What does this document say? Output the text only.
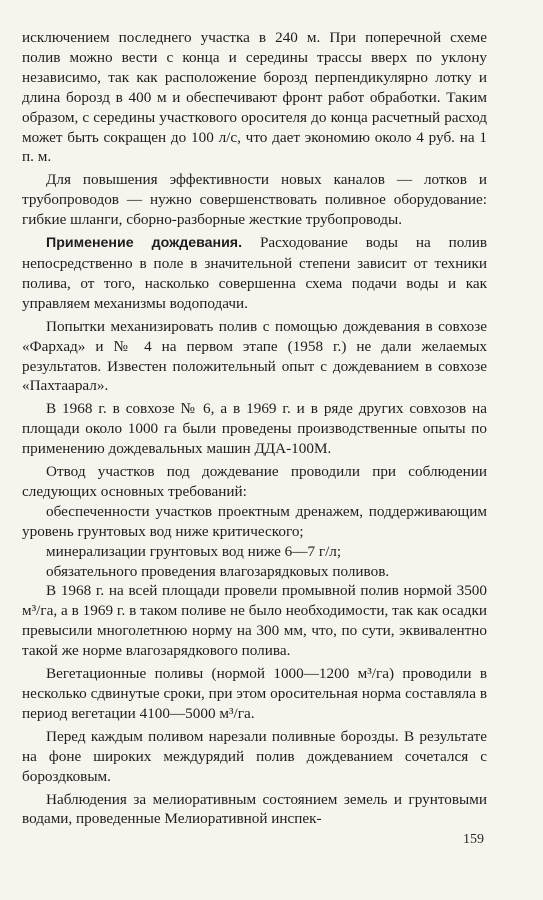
исключением последнего участка в 240 м. При поперечной схеме полив можно вести с конца и середины трассы вверх по уклону независимо, так как расположение борозд перпендикулярно лотку и длина борозд в 400 м и обеспечивают фронт работ обработки. Таким образом, с середины участкового оросителя до конца расчетный расход может быть сокращен до 100 л/с, что дает экономию около 4 руб. на 1 п. м.

Для повышения эффективности новых каналов — лотков и трубопроводов — нужно совершенствовать поливное оборудование: гибкие шланги, сборно-разборные жесткие трубопроводы.

Применение дождевания. Расходование воды на полив непосредственно в поле в значительной степени зависит от техники полива, от того, насколько совершенна схема подачи воды и как управляем механизмы водоподачи.

Попытки механизировать полив с помощью дождевания в совхозе «Фархад» и № 4 на первом этапе (1958 г.) не дали желаемых результатов. Известен положительный опыт с дождеванием в совхозе «Пахтаарал».

В 1968 г. в совхозе № 6, а в 1969 г. и в ряде других совхозов на площади около 1000 га были проведены производственные опыты по применению дождевальных машин ДДА-100М.

Отвод участков под дождевание проводили при соблюдении следующих основных требований:

обеспеченности участков проектным дренажем, поддерживающим уровень грунтовых вод ниже критического;

минерализации грунтовых вод ниже 6—7 г/л;

обязательного проведения влагозарядковых поливов.

В 1968 г. на всей площади провели промывной полив нормой 3500 м³/га, а в 1969 г. в таком поливе не было необходимости, так как осадки превысили многолетнюю норму на 300 мм, что, по сути, эквивалентно такой же норме влагозарядкового полива.

Вегетационные поливы (нормой 1000—1200 м³/га) проводили в несколько сдвинутые сроки, при этом оросительная норма составляла в период вегетации 4100—5000 м³/га.

Перед каждым поливом нарезали поливные борозды. В результате на фоне широких междурядий полив дождеванием сочетался с бороздковым.

Наблюдения за мелиоративным состоянием земель и грунтовыми водами, проведенные Мелиоративной инспек-

159
